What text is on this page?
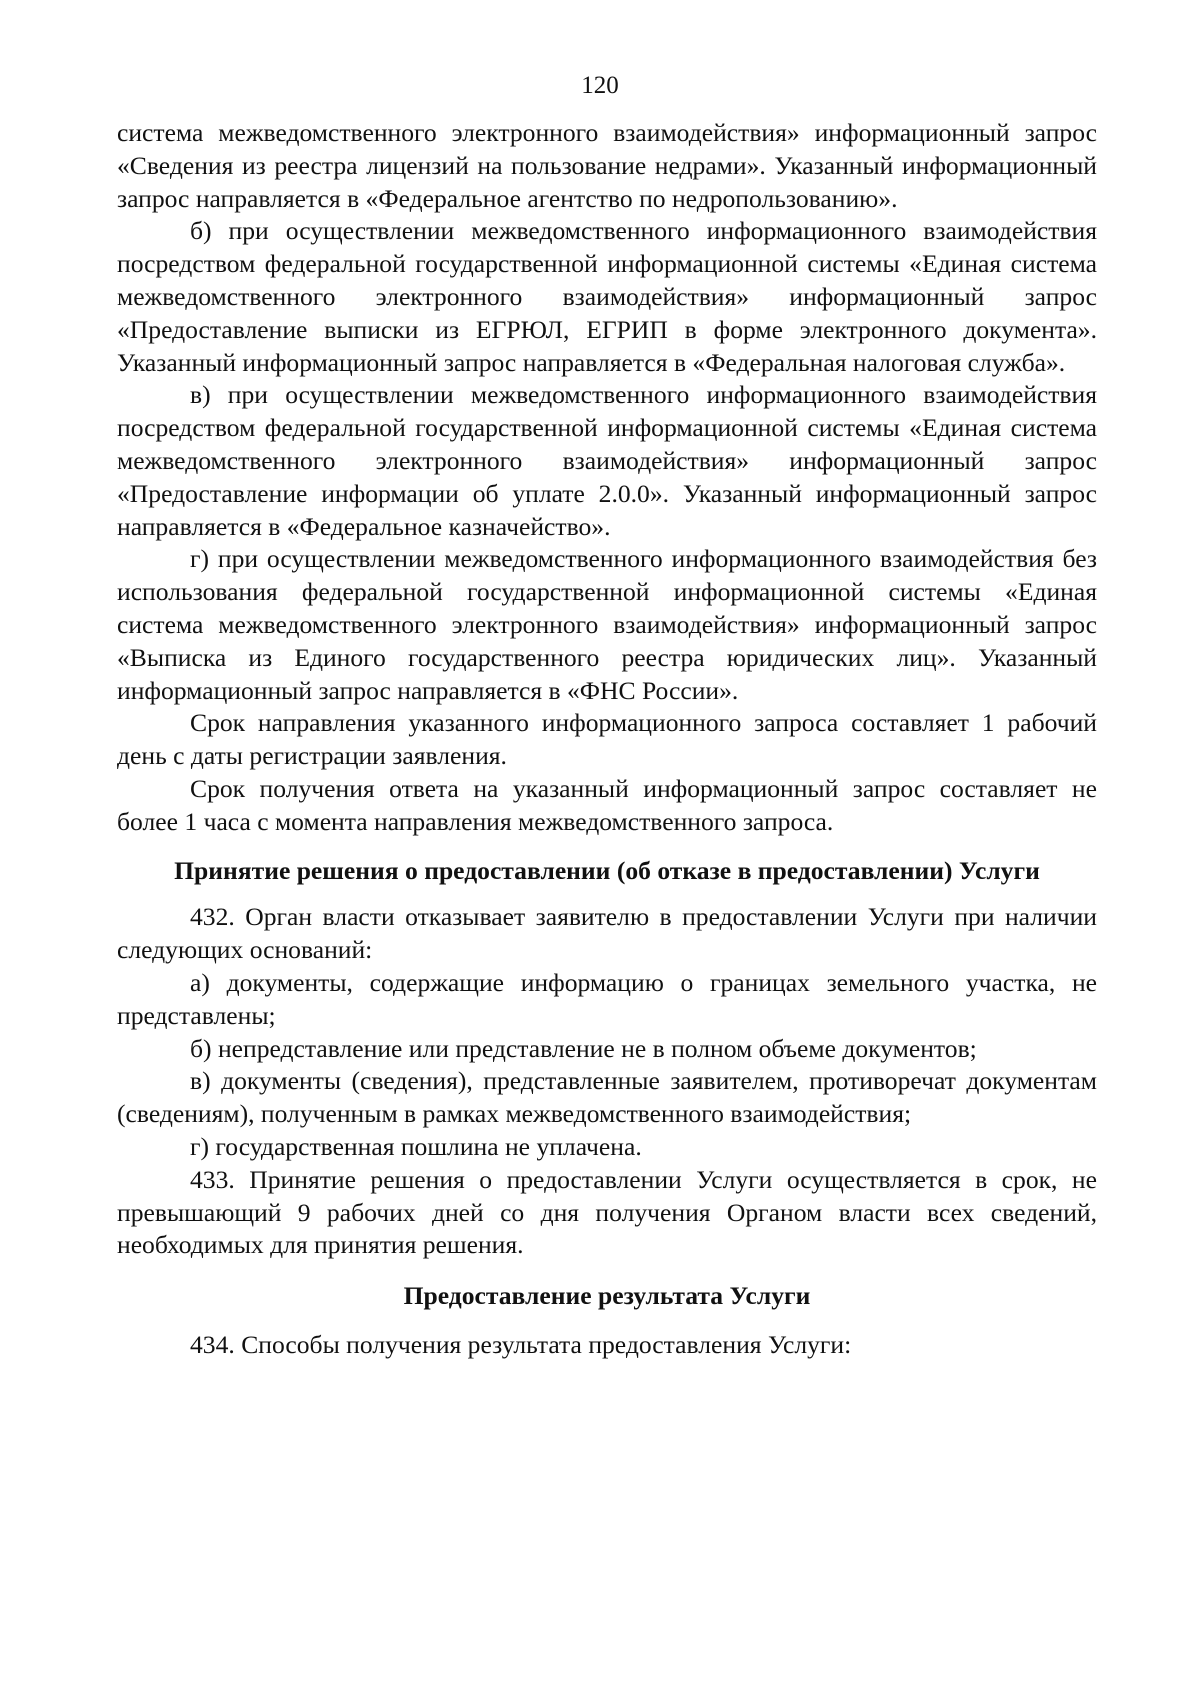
120

система межведомственного электронного взаимодействия» информационный запрос «Сведения из реестра лицензий на пользование недрами». Указанный информационный запрос направляется в «Федеральное агентство по недропользованию».

б) при осуществлении межведомственного информационного взаимодействия посредством федеральной государственной информационной системы «Единая система межведомственного электронного взаимодействия» информационный запрос «Предоставление выписки из ЕГРЮЛ, ЕГРИП в форме электронного документа». Указанный информационный запрос направляется в «Федеральная налоговая служба».

в) при осуществлении межведомственного информационного взаимодействия посредством федеральной государственной информационной системы «Единая система межведомственного электронного взаимодействия» информационный запрос «Предоставление информации об уплате 2.0.0». Указанный информационный запрос направляется в «Федеральное казначейство».

г) при осуществлении межведомственного информационного взаимодействия без использования федеральной государственной информационной системы «Единая система межведомственного электронного взаимодействия» информационный запрос «Выписка из Единого государственного реестра юридических лиц». Указанный информационный запрос направляется в «ФНС России».

Срок направления указанного информационного запроса составляет 1 рабочий день с даты регистрации заявления.

Срок получения ответа на указанный информационный запрос составляет не более 1 часа с момента направления межведомственного запроса.

Принятие решения о предоставлении (об отказе в предоставлении) Услуги

432. Орган власти отказывает заявителю в предоставлении Услуги при наличии следующих оснований:

а) документы, содержащие информацию о границах земельного участка, не представлены;

б) непредставление или представление не в полном объеме документов;

в) документы (сведения), представленные заявителем, противоречат документам (сведениям), полученным в рамках межведомственного взаимодействия;

г) государственная пошлина не уплачена.

433. Принятие решения о предоставлении Услуги осуществляется в срок, не превышающий 9 рабочих дней со дня получения Органом власти всех сведений, необходимых для принятия решения.

Предоставление результата Услуги

434. Способы получения результата предоставления Услуги:
